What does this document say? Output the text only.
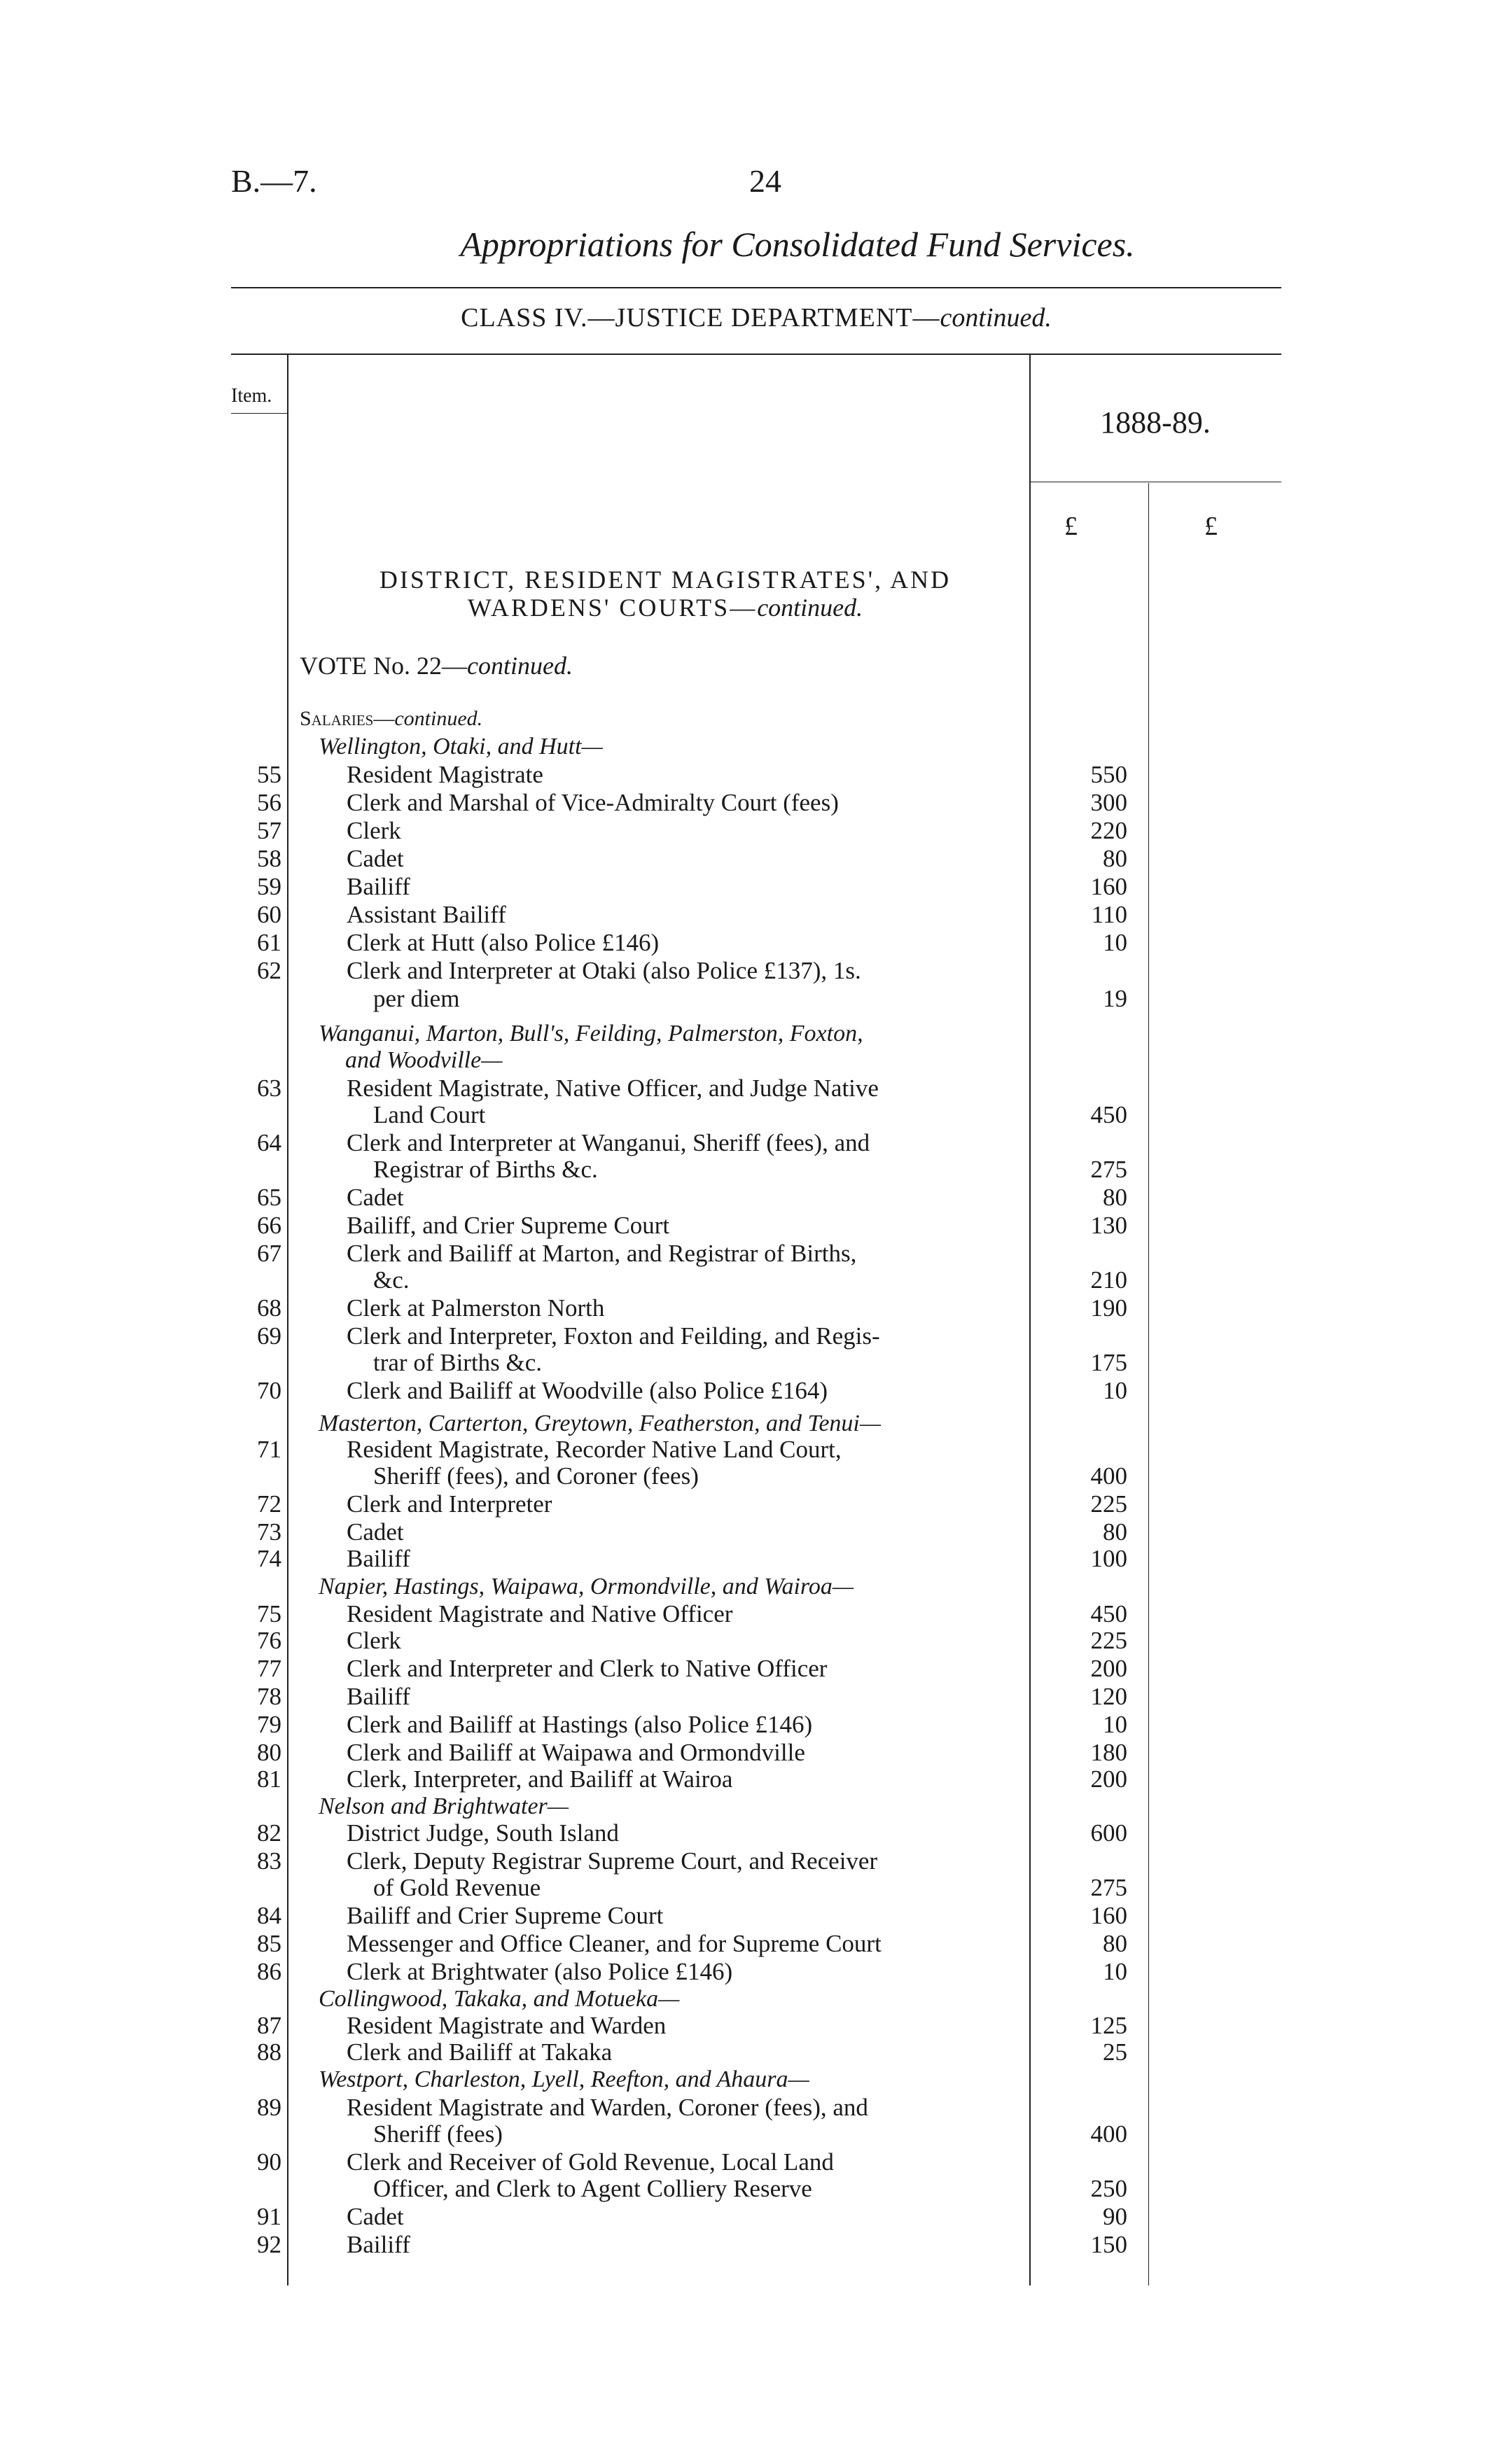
B.—7.	24
Appropriations for Consolidated Fund Services.
CLASS IV.—JUSTICE DEPARTMENT—continued.
Item.
1888-89.
£	£
DISTRICT, RESIDENT MAGISTRATES', AND
WARDENS' COURTS—continued.
VOTE No. 22—continued.
Salaries—continued.
Wellington, Otaki, and Hutt—
Wanganui, Marton, Bull's, Feilding, Palmerston, Foxton,
and Woodville—
Masterton, Carterton, Greytown, Featherston, and Tenui—
Napier, Hastings, Waipawa, Ormondville, and Wairoa—
Nelson and Brightwater—
Collingwood, Takaka, and Motueka—
Westport, Charleston, Lyell, Reefton, and Ahaura—
55	Resident Magistrate	550
56	Clerk and Marshal of Vice-Admiralty Court (fees)	300
57	Clerk	220
58	Cadet	80
59	Bailiff	160
60	Assistant Bailiff	110
61	Clerk at Hutt (also Police £146)	10
62	Clerk and Interpreter at Otaki (also Police £137), 1s.
per diem	19
63	Resident Magistrate, Native Officer, and Judge Native
Land Court	450
64	Clerk and Interpreter at Wanganui, Sheriff (fees), and
Registrar of Births &c.	275
65	Cadet	80
66	Bailiff, and Crier Supreme Court	130
67	Clerk and Bailiff at Marton, and Registrar of Births,
&c.	210
68	Clerk at Palmerston North	190
69	Clerk and Interpreter, Foxton and Feilding, and Regis-
trar of Births &c.	175
70	Clerk and Bailiff at Woodville (also Police £164)	10
71	Resident Magistrate, Recorder Native Land Court,
Sheriff (fees), and Coroner (fees)	400
72	Clerk and Interpreter	225
73	Cadet	80
74	Bailiff	100
75	Resident Magistrate and Native Officer	450
76	Clerk	225
77	Clerk and Interpreter and Clerk to Native Officer	200
78	Bailiff	120
79	Clerk and Bailiff at Hastings (also Police £146)	10
80	Clerk and Bailiff at Waipawa and Ormondville	180
81	Clerk, Interpreter, and Bailiff at Wairoa	200
82	District Judge, South Island	600
83	Clerk, Deputy Registrar Supreme Court, and Receiver
of Gold Revenue	275
84	Bailiff and Crier Supreme Court	160
85	Messenger and Office Cleaner, and for Supreme Court	80
86	Clerk at Brightwater (also Police £146)	10
87	Resident Magistrate and Warden	125
88	Clerk and Bailiff at Takaka	25
89	Resident Magistrate and Warden, Coroner (fees), and
Sheriff (fees)	400
90	Clerk and Receiver of Gold Revenue, Local Land
Officer, and Clerk to Agent Colliery Reserve	250
91	Cadet	90
92	Bailiff	150
